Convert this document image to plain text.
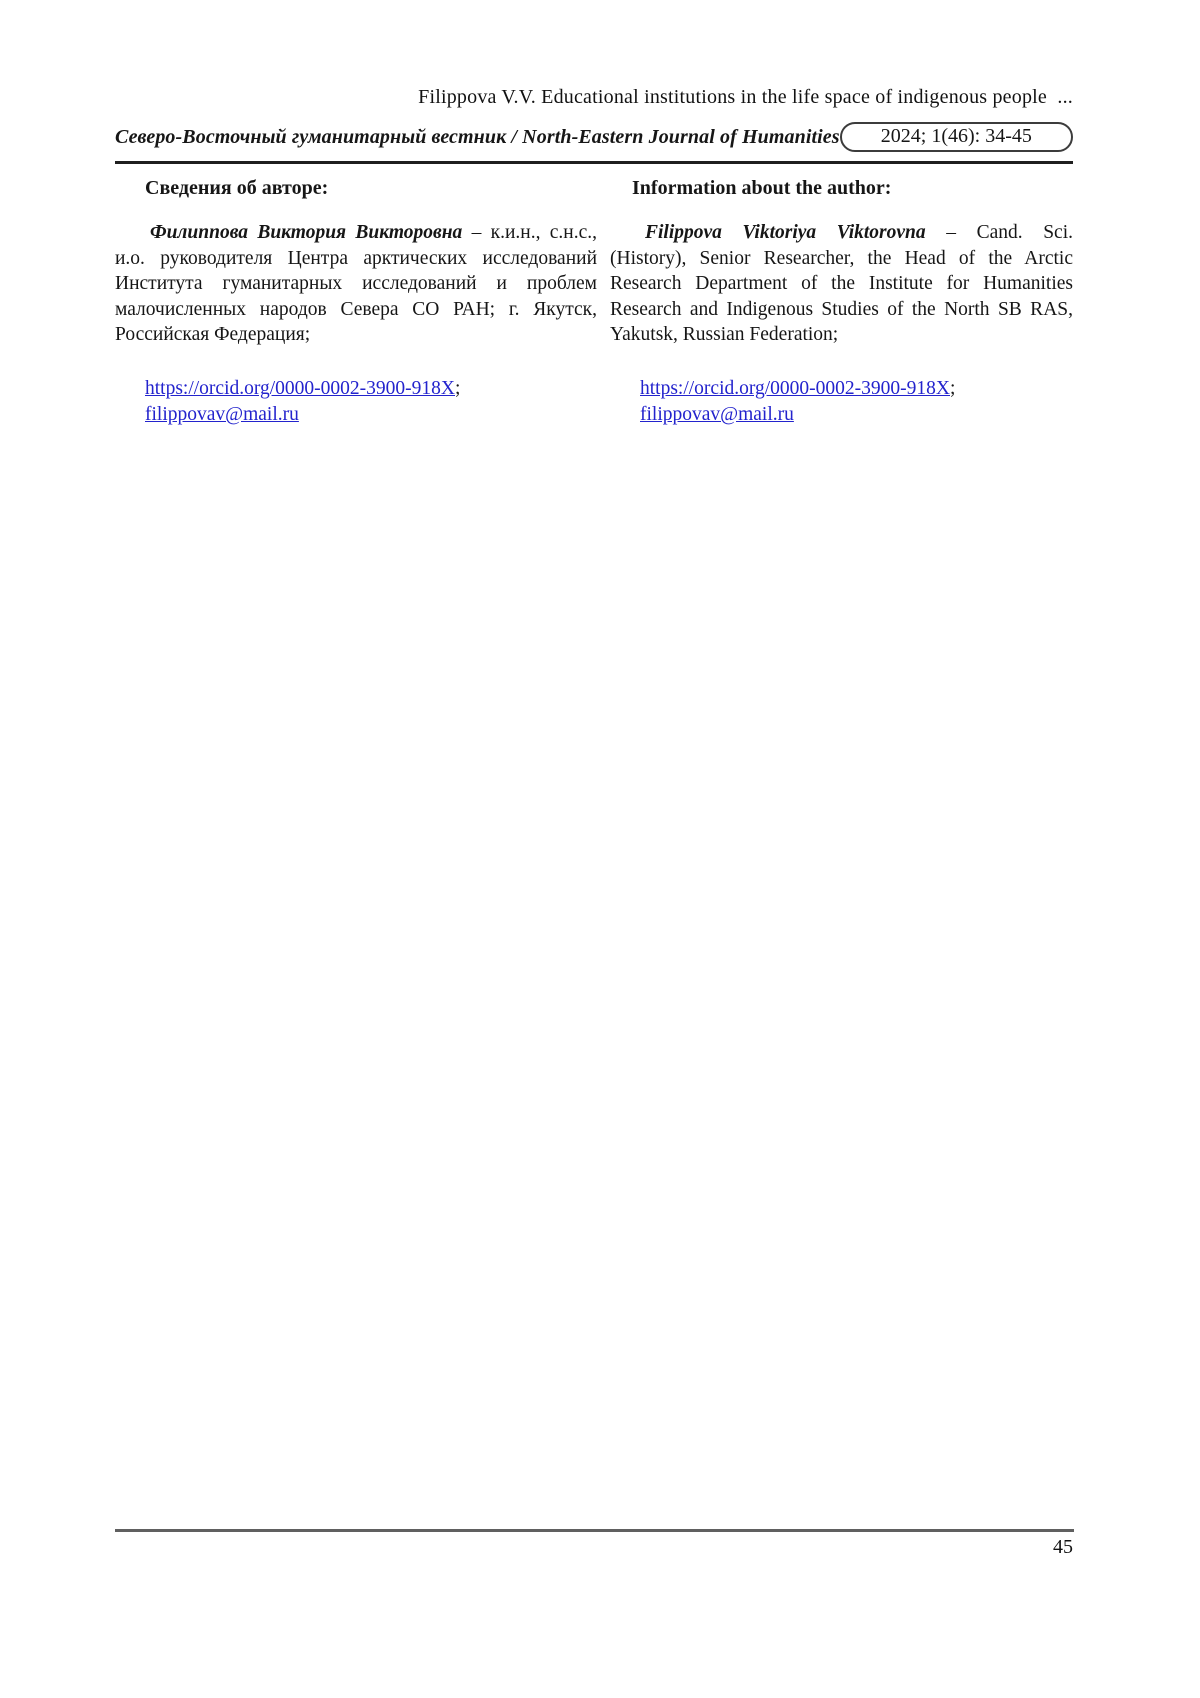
Filippova V.V. Educational institutions in the life space of indigenous people  ...
Северо-Восточный гуманитарный вестник / North-Eastern Journal of Humanities	2024; 1(46): 34-45
Сведения об авторе:

Филиппова Виктория Викторовна – к.и.н., с.н.с., и.о. руководителя Центра арктических исследований Института гуманитарных исследований и проблем малочисленных народов Севера СО РАН; г. Якутск, Российская Федерация;

https://orcid.org/0000-0002-3900-918X;
filippovav@mail.ru
Information about the author:

Filippova Viktoriya Viktorovna – Cand. Sci. (History), Senior Researcher, the Head of the Arctic Research Department of the Institute for Humanities Research and Indigenous Studies of the North SB RAS, Yakutsk, Russian Federation;

https://orcid.org/0000-0002-3900-918X;
filippovav@mail.ru
45
